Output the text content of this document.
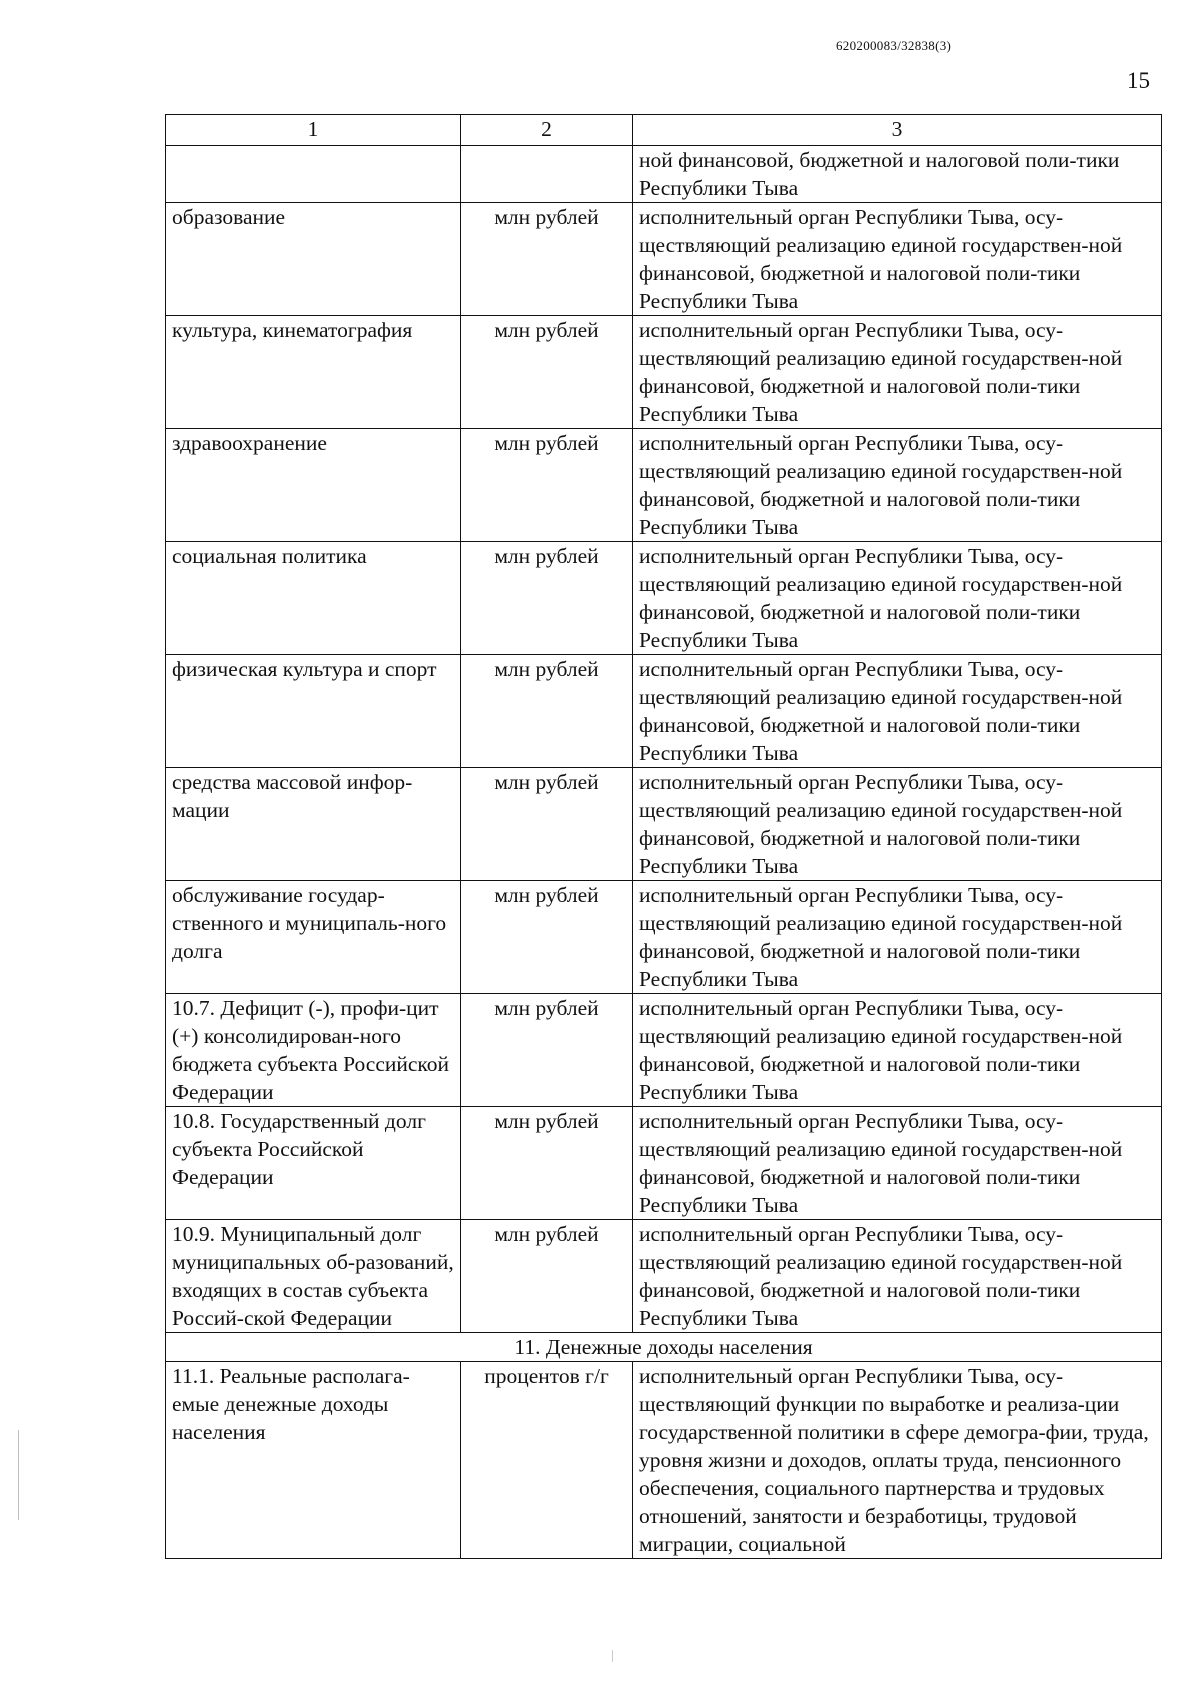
620200083/32838(3)
15
1	2	3
		ной финансовой, бюджетной и налоговой поли-тики Республики Тыва
образование	млн рублей	исполнительный орган Республики Тыва, осу-ществляющий реализацию единой государствен-ной финансовой, бюджетной и налоговой поли-тики Республики Тыва
культура, кинематография	млн рублей	исполнительный орган Республики Тыва, осу-ществляющий реализацию единой государствен-ной финансовой, бюджетной и налоговой поли-тики Республики Тыва
здравоохранение	млн рублей	исполнительный орган Республики Тыва, осу-ществляющий реализацию единой государствен-ной финансовой, бюджетной и налоговой поли-тики Республики Тыва
социальная политика	млн рублей	исполнительный орган Республики Тыва, осу-ществляющий реализацию единой государствен-ной финансовой, бюджетной и налоговой поли-тики Республики Тыва
физическая культура и спорт	млн рублей	исполнительный орган Республики Тыва, осу-ществляющий реализацию единой государствен-ной финансовой, бюджетной и налоговой поли-тики Республики Тыва
средства массовой инфор-мации	млн рублей	исполнительный орган Республики Тыва, осу-ществляющий реализацию единой государствен-ной финансовой, бюджетной и налоговой поли-тики Республики Тыва
обслуживание государ-ственного и муниципаль-ного долга	млн рублей	исполнительный орган Республики Тыва, осу-ществляющий реализацию единой государствен-ной финансовой, бюджетной и налоговой поли-тики Республики Тыва
10.7. Дефицит (-), профи-цит (+) консолидирован-ного бюджета субъекта Российской Федерации	млн рублей	исполнительный орган Республики Тыва, осу-ществляющий реализацию единой государствен-ной финансовой, бюджетной и налоговой поли-тики Республики Тыва
10.8. Государственный долг субъекта Российской Федерации	млн рублей	исполнительный орган Республики Тыва, осу-ществляющий реализацию единой государствен-ной финансовой, бюджетной и налоговой поли-тики Республики Тыва
10.9. Муниципальный долг муниципальных об-разований, входящих в состав субъекта Россий-ской Федерации	млн рублей	исполнительный орган Республики Тыва, осу-ществляющий реализацию единой государствен-ной финансовой, бюджетной и налоговой поли-тики Республики Тыва
11. Денежные доходы населения		
11.1. Реальные располага-емые денежные доходы населения	процентов г/г	исполнительный орган Республики Тыва, осу-ществляющий функции по выработке и реализа-ции государственной политики в сфере демогра-фии, труда, уровня жизни и доходов, оплаты труда, пенсионного обеспечения, социального партнерства и трудовых отношений, занятости и безработицы, трудовой миграции, социальной
